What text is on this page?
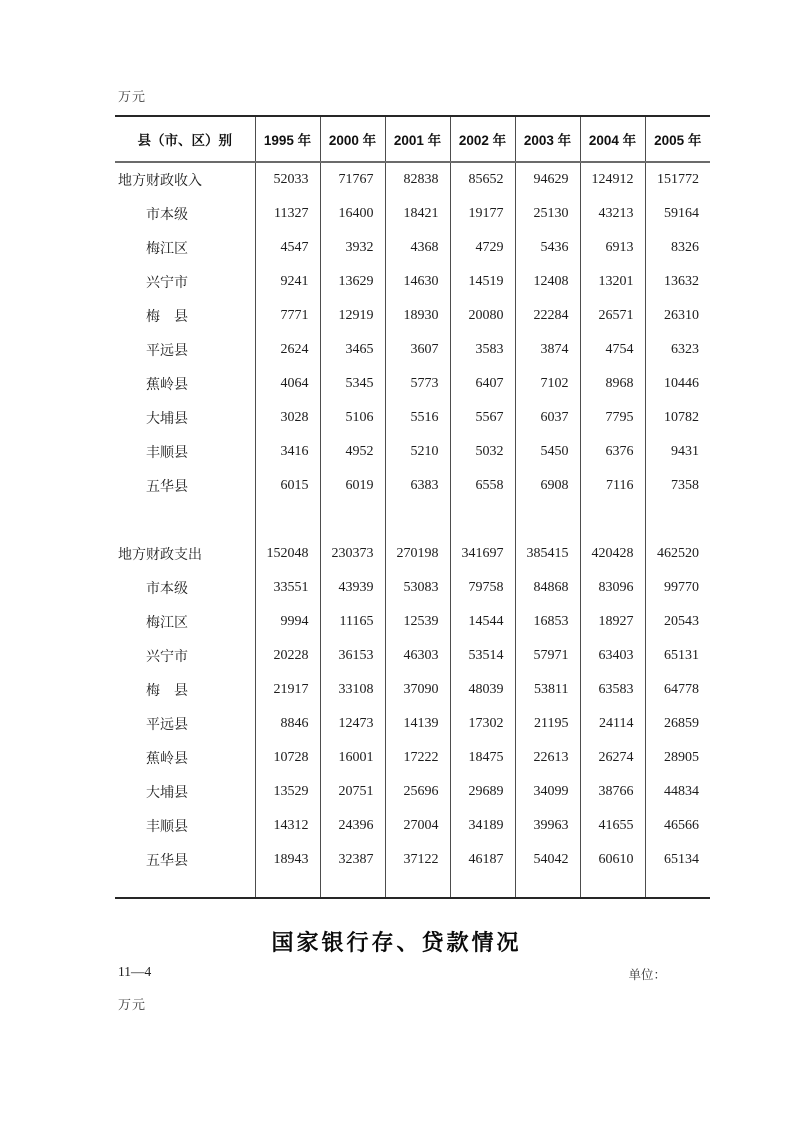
万元
县（市、区）别	1995 年	2000 年	2001 年	2002 年	2003 年	2004 年	2005 年
地方财政收入	52033	71767	82838	85652	94629	124912	151772
市本级	11327	16400	18421	19177	25130	43213	59164
梅江区	4547	3932	4368	4729	5436	6913	8326
兴宁市	9241	13629	14630	14519	12408	13201	13632
梅　县	7771	12919	18930	20080	22284	26571	26310
平远县	2624	3465	3607	3583	3874	4754	6323
蕉岭县	4064	5345	5773	6407	7102	8968	10446
大埔县	3028	5106	5516	5567	6037	7795	10782
丰顺县	3416	4952	5210	5032	5450	6376	9431
五华县	6015	6019	6383	6558	6908	7116	7358

地方财政支出	152048	230373	270198	341697	385415	420428	462520
市本级	33551	43939	53083	79758	84868	83096	99770
梅江区	9994	11165	12539	14544	16853	18927	20543
兴宁市	20228	36153	46303	53514	57971	63403	65131
梅　县	21917	33108	37090	48039	53811	63583	64778
平远县	8846	12473	14139	17302	21195	24114	26859
蕉岭县	10728	16001	17222	18475	22613	26274	28905
大埔县	13529	20751	25696	29689	34099	38766	44834
丰顺县	14312	24396	27004	34189	39963	41655	46566
五华县	18943	32387	37122	46187	54042	60610	65134

国家银行存、贷款情况
11—4	单位：
万元
